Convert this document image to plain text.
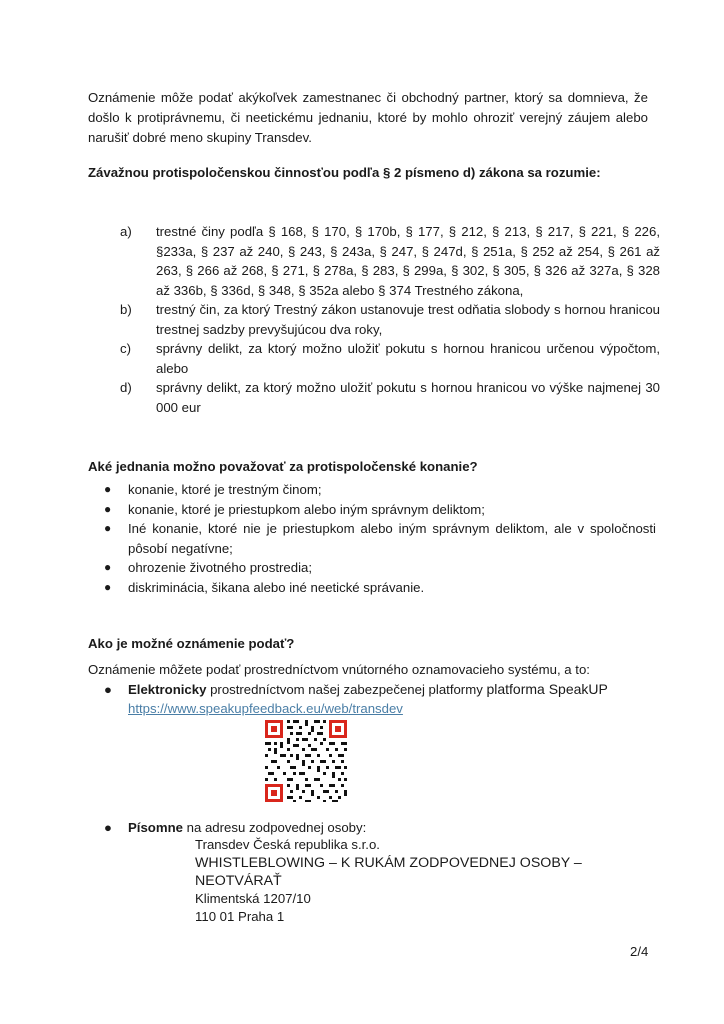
Oznámenie môže podať akýkoľvek zamestnanec či obchodný partner, ktorý sa domnieva, že došlo k protiprávnemu, či neetickému jednaniu, ktoré by mohlo ohroziť verejný záujem alebo narušiť dobré meno skupiny Transdev.

Závažnou protispoločenskou činnosťou podľa § 2 písmeno d) zákona sa rozumie:

a)	trestné činy podľa § 168, § 170, § 170b, § 177, § 212, § 213, § 217, § 221, § 226, §233a, § 237 až 240, § 243, § 243a, § 247, § 247d, § 251a, § 252 až 254, § 261 až 263, § 266 až 268, § 271, § 278a, § 283, § 299a, § 302, § 305, § 326 až 327a, § 328 až 336b, § 336d, § 348, § 352a alebo § 374 Trestného zákona,
b)	trestný čin, za ktorý Trestný zákon ustanovuje trest odňatia slobody s hornou hranicou trestnej sadzby prevyšujúcou dva roky,
c)	správny delikt, za ktorý možno uložiť pokutu s hornou hranicou určenou výpočtom, alebo
d)	správny delikt, za ktorý možno uložiť pokutu s hornou hranicou vo výške najmenej 30 000 eur

Aké jednania možno považovať za protispoločenské konanie?

●	konanie, ktoré je trestným činom;
●	konanie, ktoré je priestupkom alebo iným správnym deliktom;
●	Iné konanie, ktoré nie je priestupkom alebo iným správnym deliktom, ale v spoločnosti pôsobí negatívne;
●	ohrozenie životného prostredia;
●	diskriminácia, šikana alebo iné neetické správanie.

Ako je možné oznámenie podať?

Oznámenie môžete podať prostredníctvom vnútorného oznamovacieho systému, a to:

●	Elektronicky prostredníctvom našej zabezpečenej platformy platforma SpeakUP
https://www.speakupfeedback.eu/web/transdev
●	Písomne na adresu zodpovednej osoby:
Transdev Česká republika s.r.o.
WHISTLEBLOWING – K RUKÁM ZODPOVEDNEJ OSOBY – NEOTVÁRAŤ
Klimentská 1207/10
110 01 Praha 1
2/4
